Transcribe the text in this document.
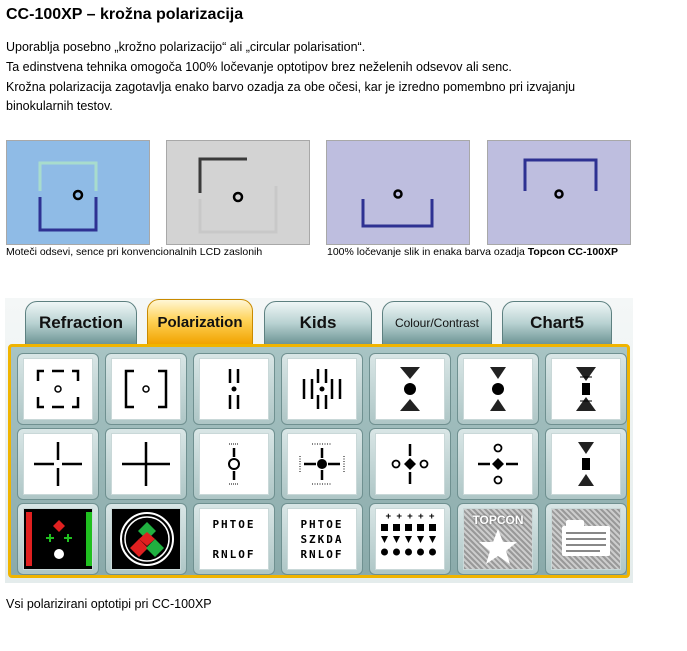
CC-100XP – krožna polarizacija
Uporablja posebno „krožno polarizacijo“ ali „circular polarisation“.
Ta edinstvena tehnika omogoča 100% ločevanje optotipov brez neželenih odsevov ali senc.
Krožna polarizacija zagotavlja enako barvo ozadja za obe očesi, kar je izredno pomembno pri izvajanju
binokularnih testov.
Moteči odsevi, sence pri konvencionalnih LCD zaslonih	100% ločevanje slik in enaka barva ozadja Topcon CC-100XP
Refraction	Polarization	Kids	Colour/Contrast	Chart5
PHTOE

RNLOF
PHTOE
SZKDA
RNLOF
+ + + + +	TOPCON
Vsi polarizirani optotipi pri CC-100XP
